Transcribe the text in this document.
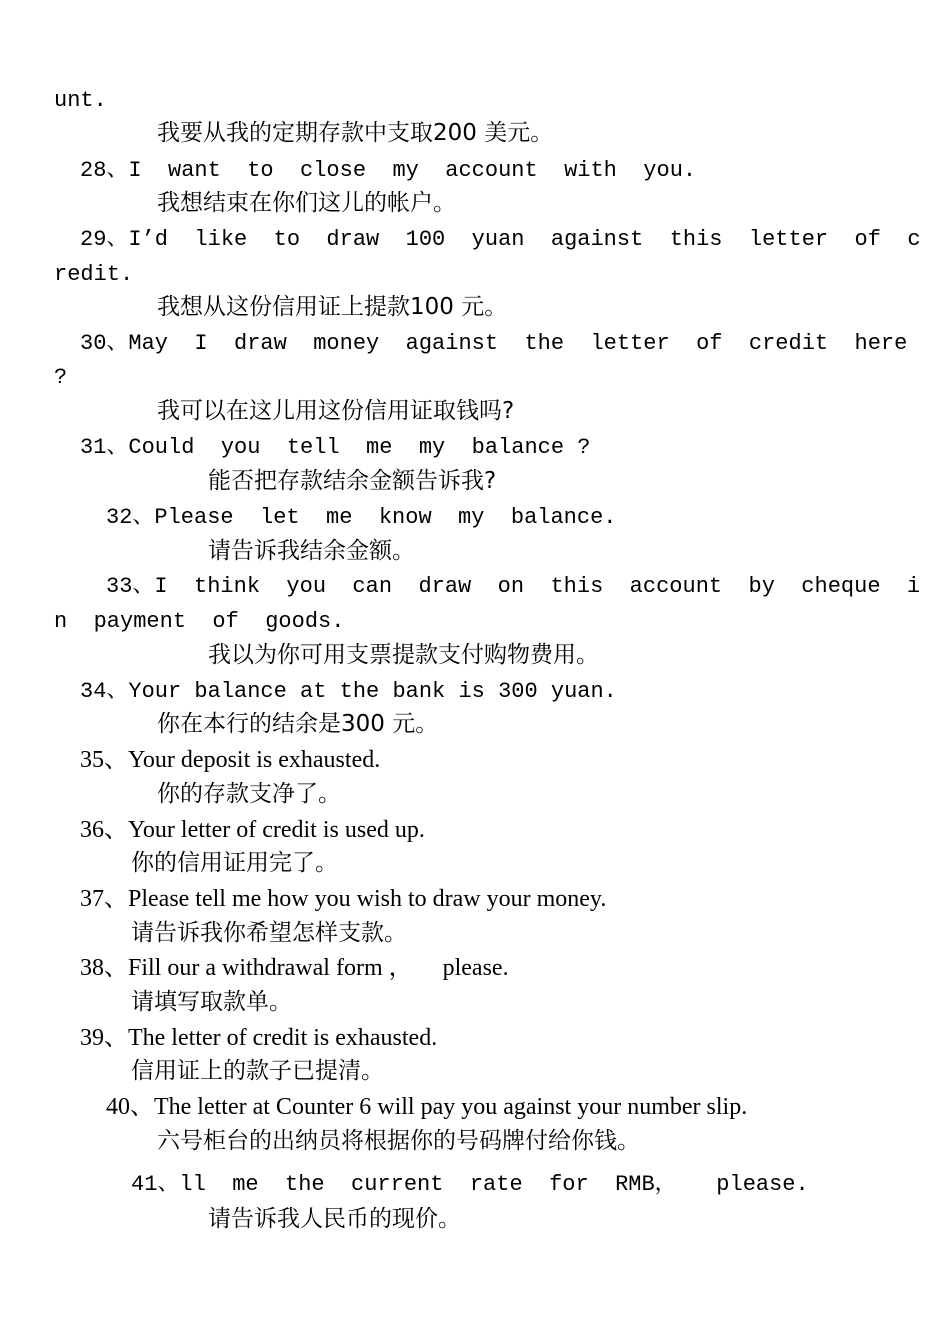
unt.
我要从我的定期存款中支取200 美元。
28、I  want  to  close  my  account  with  you.
我想结束在你们这儿的帐户。
29、I’d  like  to  draw  100  yuan  against  this  letter  of  c
redit.
我想从这份信用证上提款100 元。
30、May  I  draw  money  against  the  letter  of  credit  here
?
我可以在这儿用这份信用证取钱吗?
31、Could  you  tell  me  my  balance ?
能否把存款结余金额告诉我?
32、Please  let  me  know  my  balance.
请告诉我结余金额。
33、I  think  you  can  draw  on  this  account  by  cheque  i
n  payment  of  goods.
我以为你可用支票提款支付购物费用。
34、Your balance at the bank is 300 yuan.
你在本行的结余是300 元。
35、Your deposit is exhausted.
你的存款支净了。
36、Your letter of credit is used up.
你的信用证用完了。
37、Please tell me how you wish to draw your money.
请告诉我你希望怎样支款。
38、Fill our a withdrawal form ，     please.
请填写取款单。
39、The letter of credit is exhausted.
信用证上的款子已提清。
40、The letter at Counter 6 will pay you against your number slip.
六号柜台的出纳员将根据你的号码牌付给你钱。
41、ll  me  the  current  rate  for  RMB，   please.
请告诉我人民币的现价。
